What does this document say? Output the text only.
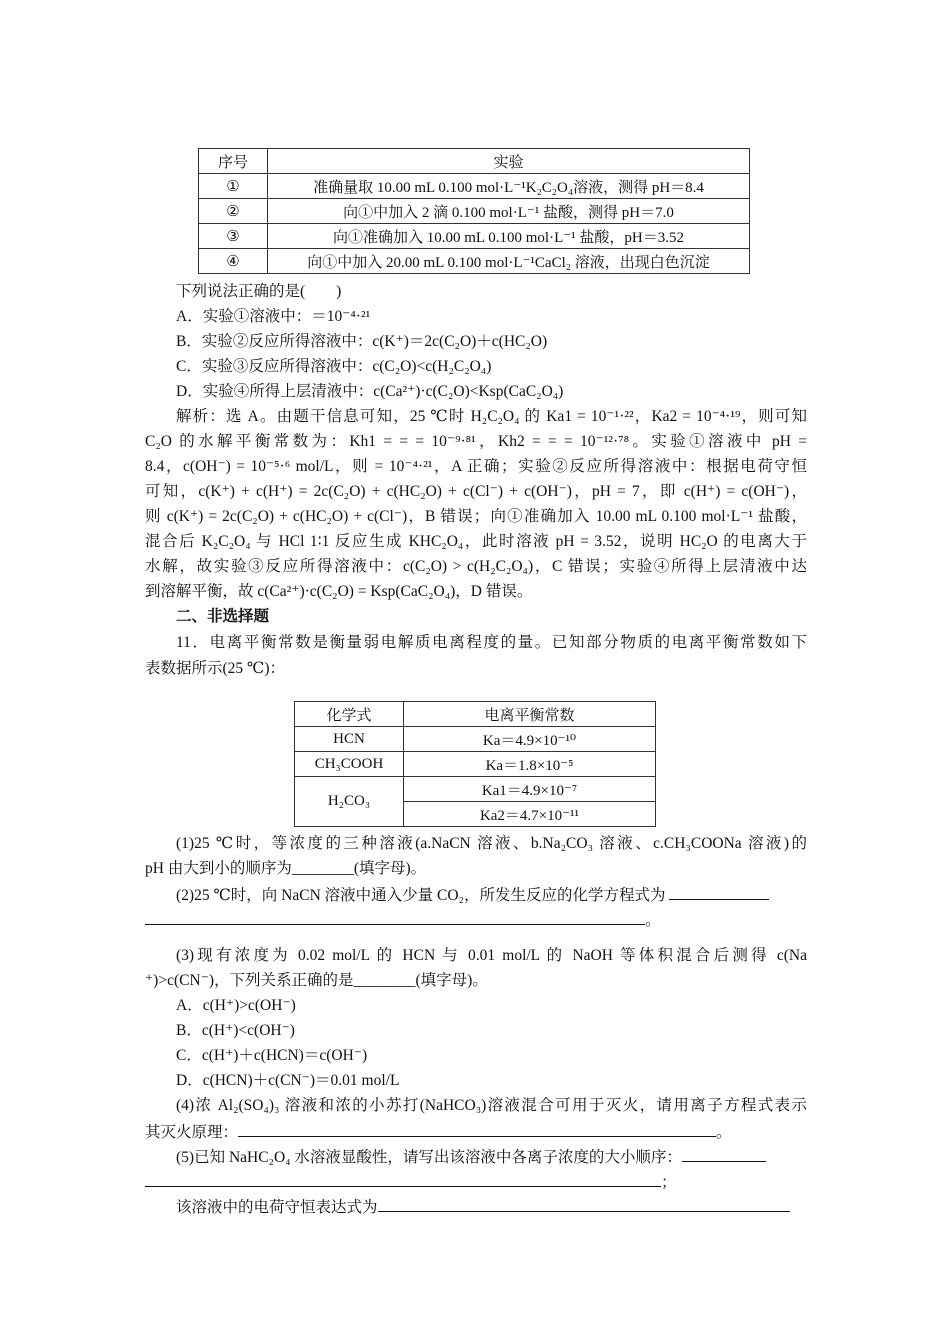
序号	实验
①	准确量取 10.00 mL 0.100 mol·L⁻¹K₂C₂O₄溶液，测得 pH＝8.4
②	向①中加入 2 滴 0.100 mol·L⁻¹ 盐酸，测得 pH＝7.0
③	向①准确加入 10.00 mL 0.100 mol·L⁻¹ 盐酸，pH＝3.52
④	向①中加入 20.00 mL 0.100 mol·L⁻¹CaCl₂ 溶液，出现白色沉淀
下列说法正确的是(　　)
A．实验①溶液中：＝10⁻⁴·²¹
B．实验②反应所得溶液中：c(K⁺)＝2c(C₂O)＋c(HC₂O)
C．实验③反应所得溶液中：c(C₂O)<c(H₂C₂O₄)
D．实验④所得上层清液中：c(Ca²⁺)·c(C₂O)<Ksp(CaC₂O₄)
解析：选 A。由题干信息可知，25 ℃时 H₂C₂O₄ 的 Ka1 = 10⁻¹·²²，Ka2 = 10⁻⁴·¹⁹，则可知
C₂O 的水解平衡常数为：Kh1 = = = 10⁻⁹·⁸¹，Kh2 = = = 10⁻¹²·⁷⁸。实验①溶液中 pH =
8.4，c(OH⁻) = 10⁻⁵·⁶ mol/L，则 = 10⁻⁴·²¹，A 正确；实验②反应所得溶液中：根据电荷守恒
可知，c(K⁺) + c(H⁺) = 2c(C₂O) + c(HC₂O) + c(Cl⁻) + c(OH⁻)，pH = 7，即 c(H⁺) = c(OH⁻)，
则 c(K⁺) = 2c(C₂O) + c(HC₂O) + c(Cl⁻)，B 错误；向①准确加入 10.00 mL 0.100 mol·L⁻¹ 盐酸，
混合后 K₂C₂O₄ 与 HCl 1∶1 反应生成 KHC₂O₄，此时溶液 pH = 3.52，说明 HC₂O 的电离大于
水解，故实验③反应所得溶液中：c(C₂O) > c(H₂C₂O₄)，C 错误；实验④所得上层清液中达
到溶解平衡，故 c(Ca²⁺)·c(C₂O) = Ksp(CaC₂O₄)，D 错误。
二、非选择题
11．电离平衡常数是衡量弱电解质电离程度的量。已知部分物质的电离平衡常数如下
表数据所示(25 ℃)：
化学式	电离平衡常数
HCN	Ka＝4.9×10⁻¹⁰
CH₃COOH	Ka＝1.8×10⁻⁵
H₂CO₃	Ka1＝4.9×10⁻⁷
	Ka2＝4.7×10⁻¹¹
(1)25 ℃时，等浓度的三种溶液(a.NaCN 溶液、b.Na₂CO₃ 溶液、c.CH₃COONa 溶液)的
pH 由大到小的顺序为________(填字母)。
(2)25 ℃时，向 NaCN 溶液中通入少量 CO₂，所发生反应的化学方程式为
。
(3)现有浓度为 0.02 mol/L 的 HCN 与 0.01 mol/L 的 NaOH 等体积混合后测得 c(Na
⁺)>c(CN⁻)，下列关系正确的是________(填字母)。
A．c(H⁺)>c(OH⁻)
B．c(H⁺)<c(OH⁻)
C．c(H⁺)＋c(HCN)＝c(OH⁻)
D．c(HCN)＋c(CN⁻)＝0.01 mol/L
(4)浓 Al₂(SO₄)₃ 溶液和浓的小苏打(NaHCO₃)溶液混合可用于灭火，请用离子方程式表示
其灭火原理：	。
(5)已知 NaHC₂O₄ 水溶液显酸性，请写出该溶液中各离子浓度的大小顺序：
；
该溶液中的电荷守恒表达式为
